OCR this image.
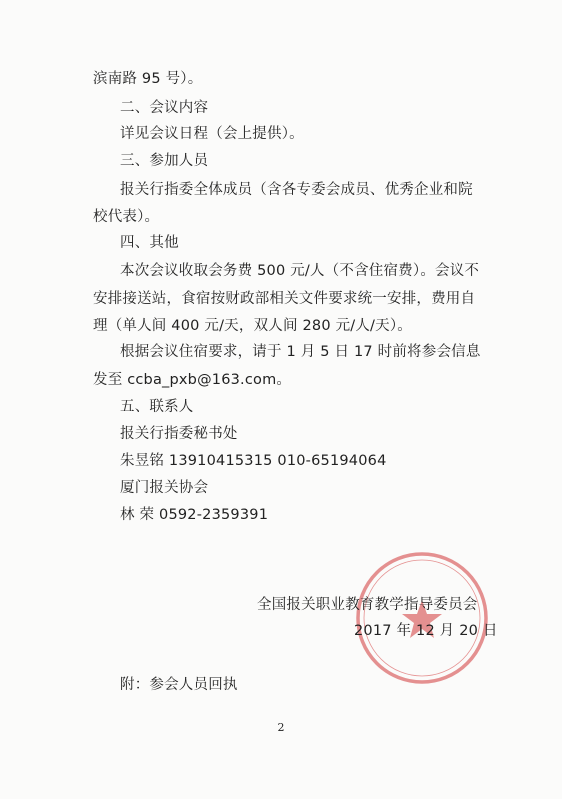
滨南路 95 号）。
二、会议内容
详见会议日程（会上提供）。
三、参加人员
报关行指委全体成员（含各专委会成员、优秀企业和院
校代表）。
四、其他
本次会议收取会务费 500 元/人（不含住宿费）。会议不
安排接送站，食宿按财政部相关文件要求统一安排，费用自
理（单人间 400 元/天，双人间 280 元/人/天）。
根据会议住宿要求，请于 1 月 5 日 17 时前将参会信息
发至 ccba_pxb@163.com。
五、联系人
报关行指委秘书处
朱昱铭 13910415315 010-65194064
厦门报关协会
林 荣 0592-2359391
全国报关职业教育教学指导委员会
2017 年 12 月 20 日
附：参会人员回执
2
